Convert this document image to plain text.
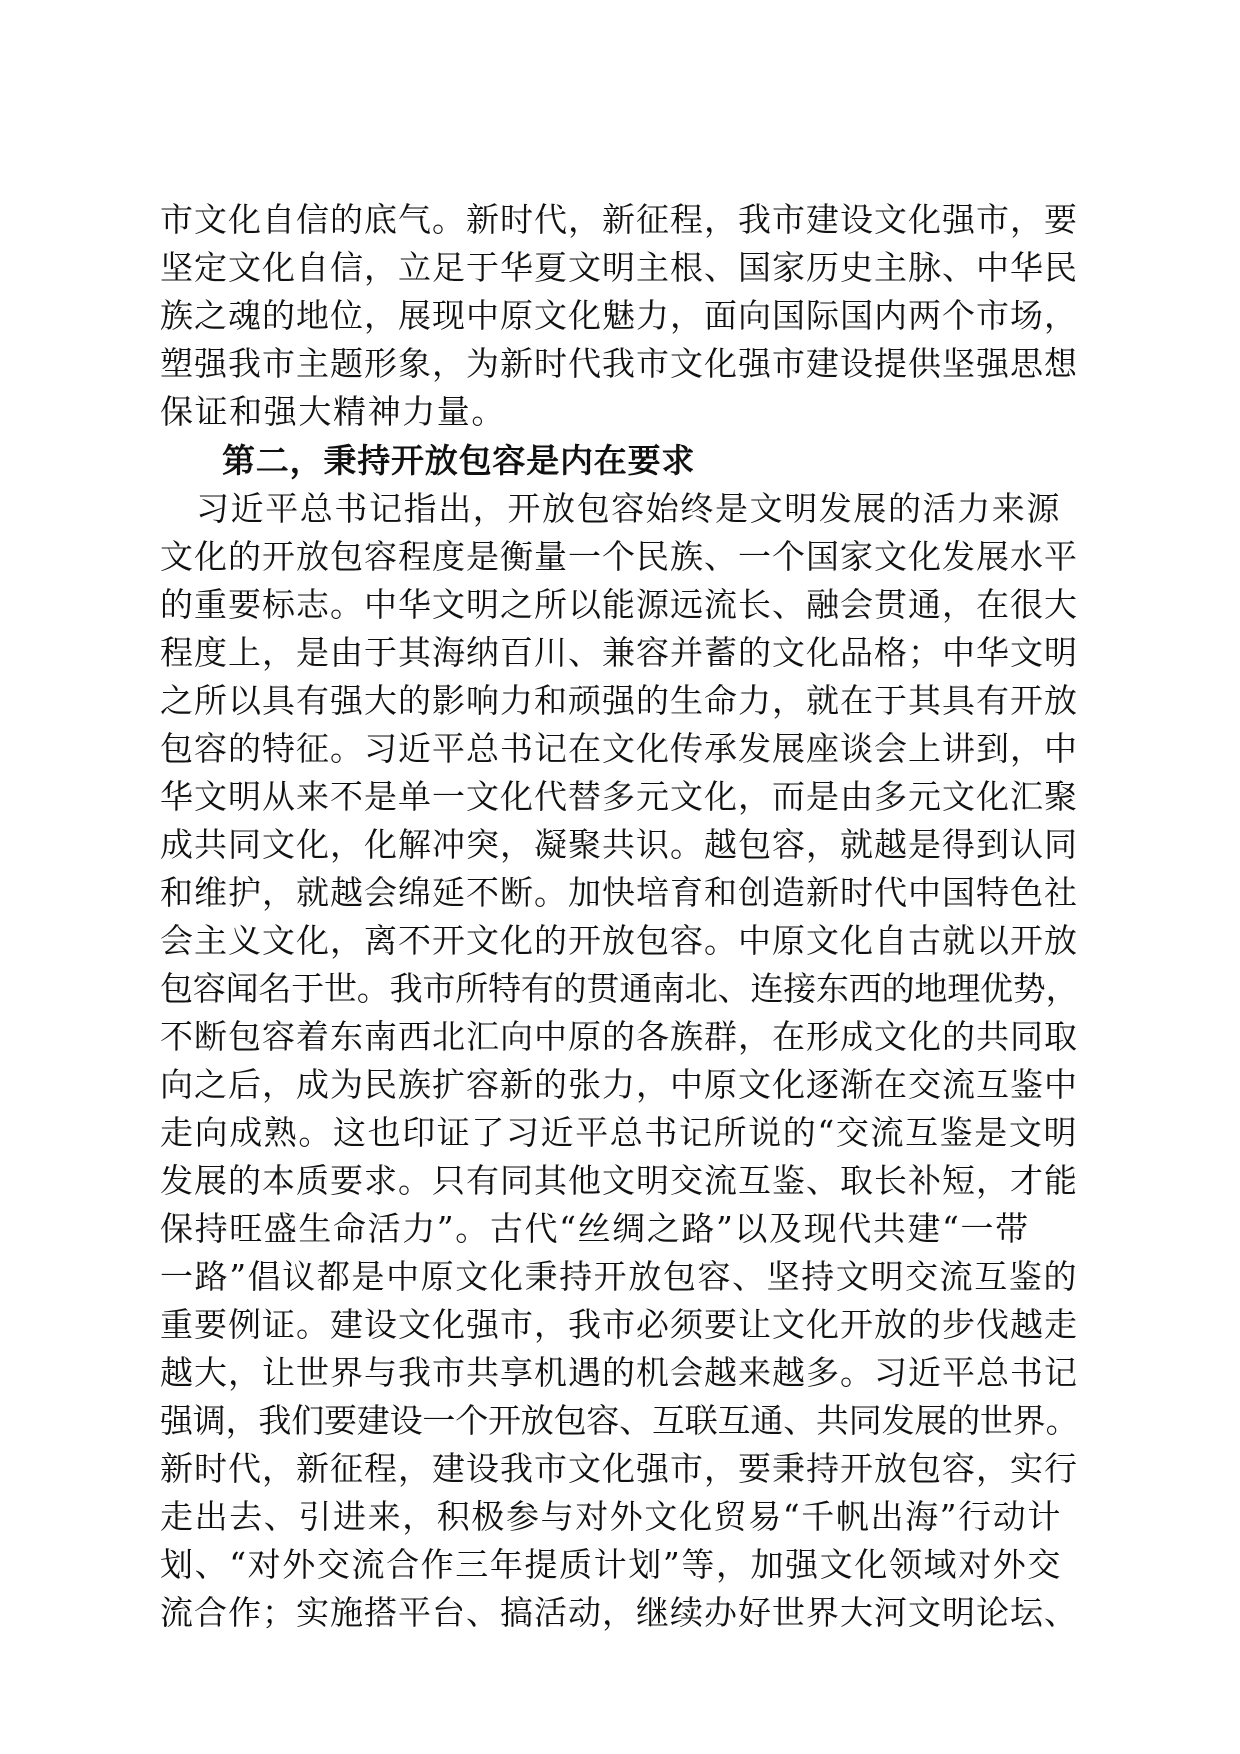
市文化自信的底气。新时代，新征程，我市建设文化强市，要
坚定文化自信，立足于华夏文明主根、国家历史主脉、中华民
族之魂的地位，展现中原文化魅力，面向国际国内两个市场，
塑强我市主题形象，为新时代我市文化强市建设提供坚强思想
保证和强大精神力量。
第二，秉持开放包容是内在要求
习近平总书记指出，开放包容始终是文明发展的活力来源
文化的开放包容程度是衡量一个民族、一个国家文化发展水平
的重要标志。中华文明之所以能源远流长、融会贯通，在很大
程度上，是由于其海纳百川、兼容并蓄的文化品格；中华文明
之所以具有强大的影响力和顽强的生命力，就在于其具有开放
包容的特征。习近平总书记在文化传承发展座谈会上讲到，中
华文明从来不是单一文化代替多元文化，而是由多元文化汇聚
成共同文化，化解冲突，凝聚共识。越包容，就越是得到认同
和维护，就越会绵延不断。加快培育和创造新时代中国特色社
会主义文化，离不开文化的开放包容。中原文化自古就以开放
包容闻名于世。我市所特有的贯通南北、连接东西的地理优势，
不断包容着东南西北汇向中原的各族群，在形成文化的共同取
向之后，成为民族扩容新的张力，中原文化逐渐在交流互鉴中
走向成熟。这也印证了习近平总书记所说的“交流互鉴是文明
发展的本质要求。只有同其他文明交流互鉴、取长补短，才能
保持旺盛生命活力”。古代“丝绸之路”以及现代共建“一带
一路”倡议都是中原文化秉持开放包容、坚持文明交流互鉴的
重要例证。建设文化强市，我市必须要让文化开放的步伐越走
越大，让世界与我市共享机遇的机会越来越多。习近平总书记
强调，我们要建设一个开放包容、互联互通、共同发展的世界。
新时代，新征程，建设我市文化强市，要秉持开放包容，实行
走出去、引进来，积极参与对外文化贸易“千帆出海”行动计
划、“对外交流合作三年提质计划”等，加强文化领域对外交
流合作；实施搭平台、搞活动，继续办好世界大河文明论坛、
